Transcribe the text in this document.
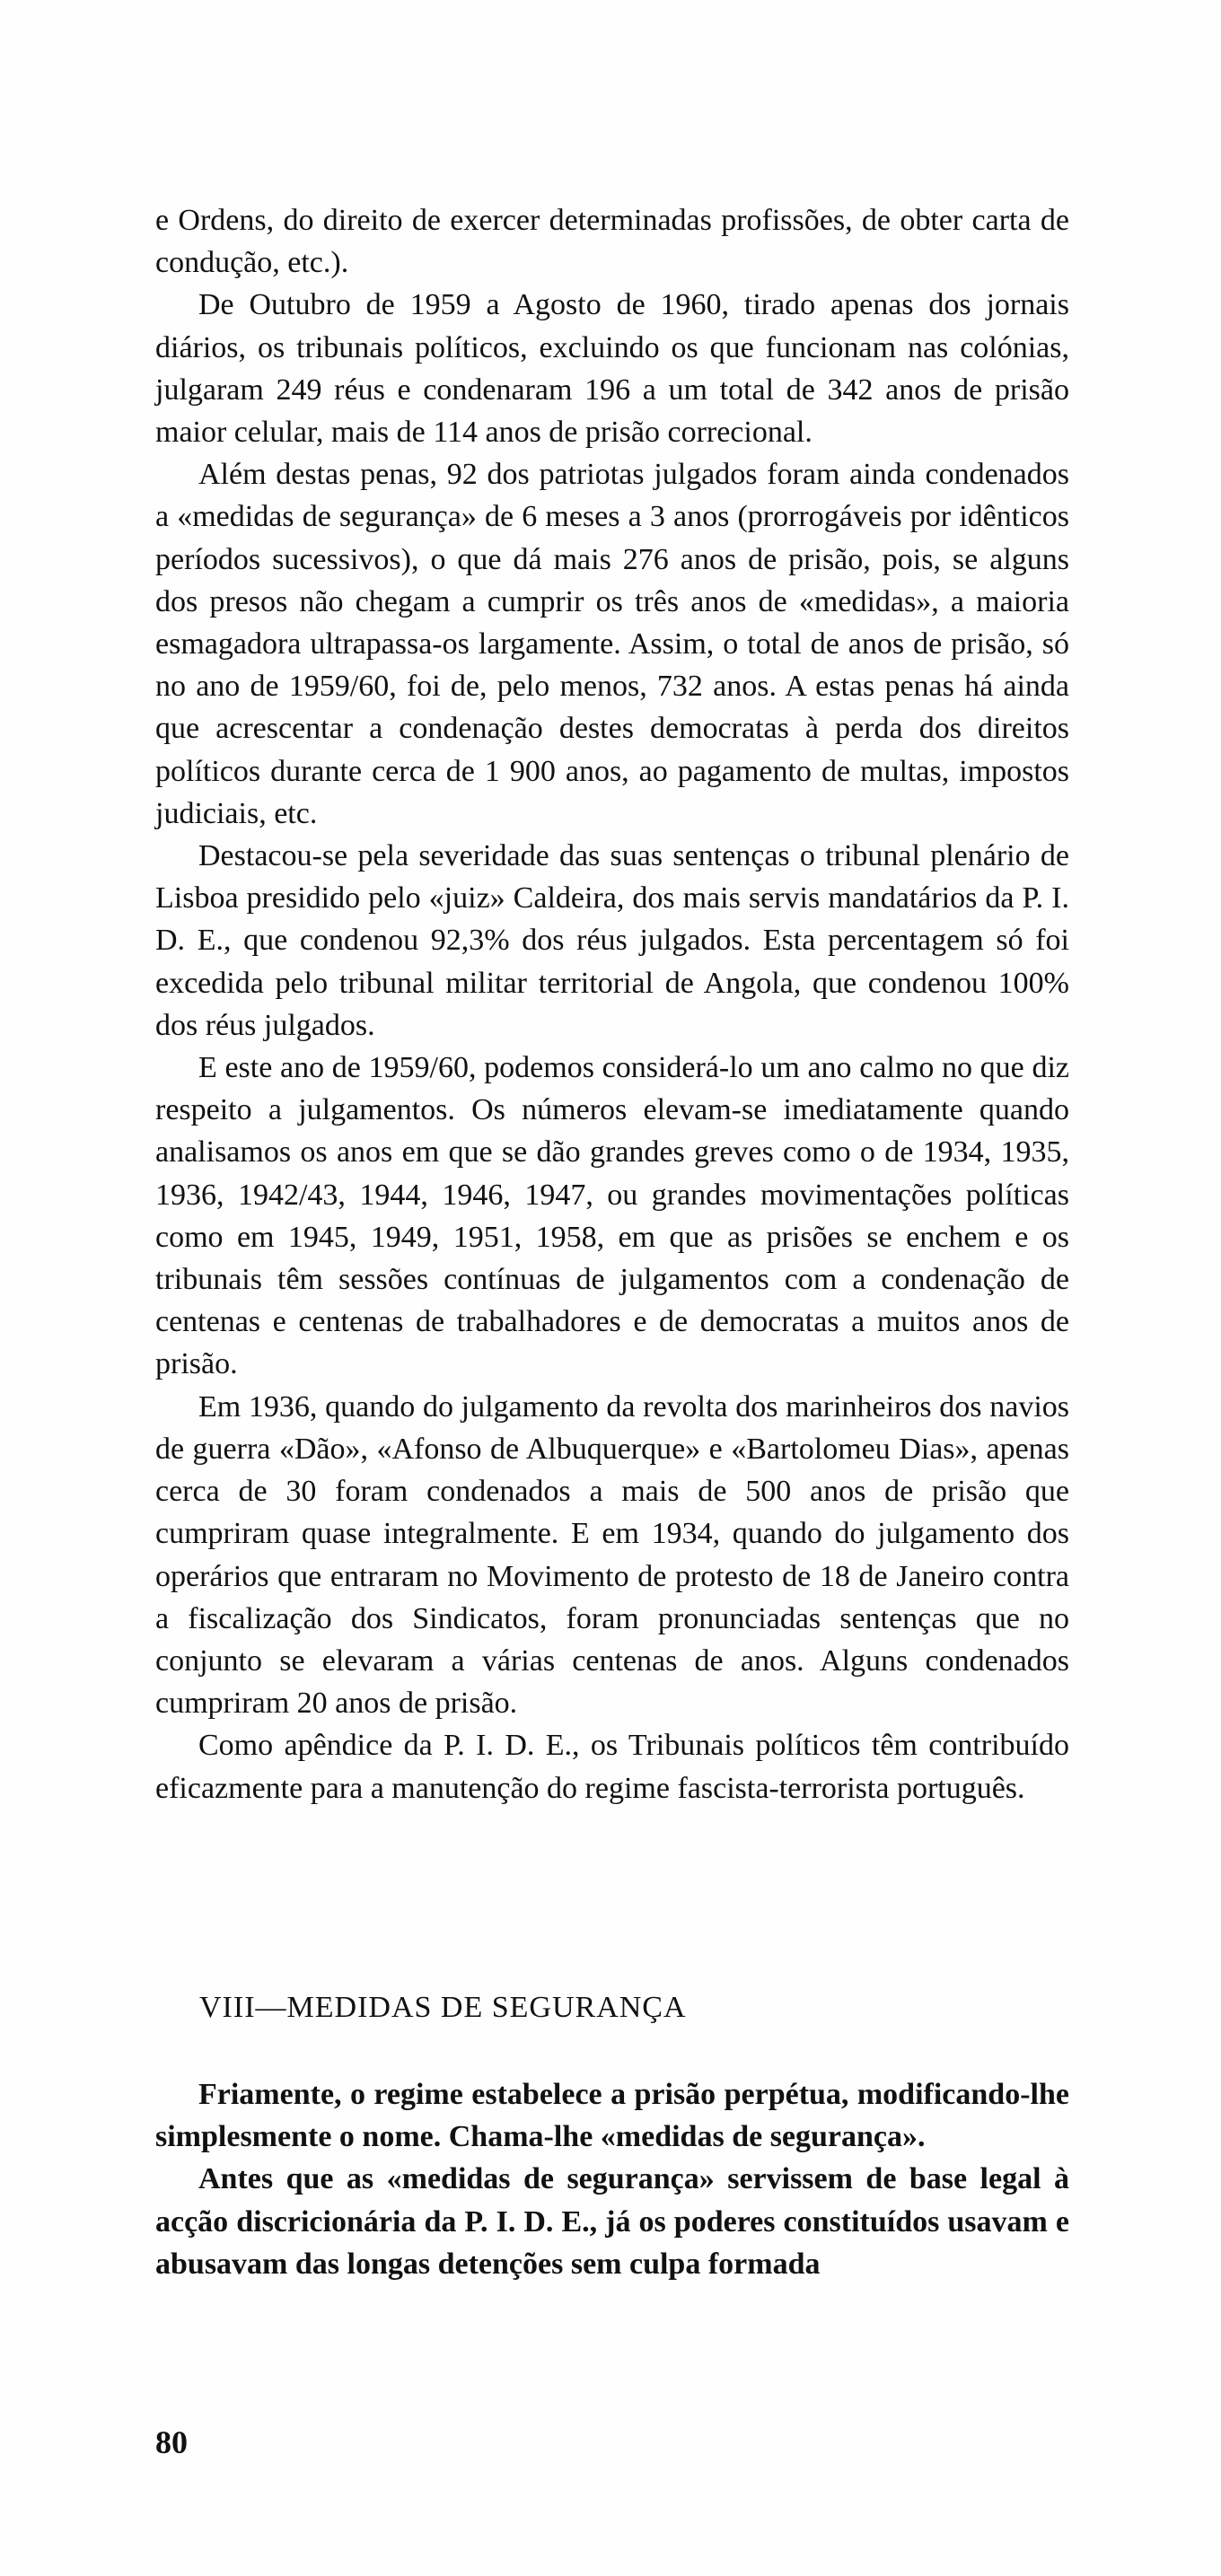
e Ordens, do direito de exercer determinadas profissões, de obter carta de condução, etc.).

De Outubro de 1959 a Agosto de 1960, tirado apenas dos jornais diários, os tribunais políticos, excluindo os que funcionam nas colónias, julgaram 249 réus e condenaram 196 a um total de 342 anos de prisão maior celular, mais de 114 anos de prisão correcional.

Além destas penas, 92 dos patriotas julgados foram ainda condenados a «medidas de segurança» de 6 meses a 3 anos (prorrogáveis por idênticos períodos sucessivos), o que dá mais 276 anos de prisão, pois, se alguns dos presos não chegam a cumprir os três anos de «medidas», a maioria esmagadora ultrapassa-os largamente. Assim, o total de anos de prisão, só no ano de 1959/60, foi de, pelo menos, 732 anos. A estas penas há ainda que acrescentar a condenação destes democratas à perda dos direitos políticos durante cerca de 1 900 anos, ao pagamento de multas, impostos judiciais, etc.

Destacou-se pela severidade das suas sentenças o tribunal plenário de Lisboa presidido pelo «juiz» Caldeira, dos mais servis mandatários da P. I. D. E., que condenou 92,3% dos réus julgados. Esta percentagem só foi excedida pelo tribunal militar territorial de Angola, que condenou 100% dos réus julgados.

E este ano de 1959/60, podemos considerá-lo um ano calmo no que diz respeito a julgamentos. Os números elevam-se imediatamente quando analisamos os anos em que se dão grandes greves como o de 1934, 1935, 1936, 1942/43, 1944, 1946, 1947, ou grandes movimentações políticas como em 1945, 1949, 1951, 1958, em que as prisões se enchem e os tribunais têm sessões contínuas de julgamentos com a condenação de centenas e centenas de trabalhadores e de democratas a muitos anos de prisão.

Em 1936, quando do julgamento da revolta dos marinheiros dos navios de guerra «Dão», «Afonso de Albuquerque» e «Bartolomeu Dias», apenas cerca de 30 foram condenados a mais de 500 anos de prisão que cumpriram quase integralmente. E em 1934, quando do julgamento dos operários que entraram no Movimento de protesto de 18 de Janeiro contra a fiscalização dos Sindicatos, foram pronunciadas sentenças que no conjunto se elevaram a várias centenas de anos. Alguns condenados cumpriram 20 anos de prisão.

Como apêndice da P. I. D. E., os Tribunais políticos têm contribuído eficazmente para a manutenção do regime fascista-terrorista português.

VIII—MEDIDAS DE SEGURANÇA

Friamente, o regime estabelece a prisão perpétua, modificando-lhe simplesmente o nome. Chama-lhe «medidas de segurança».

Antes que as «medidas de segurança» servissem de base legal à acção discricionária da P. I. D. E., já os poderes constituídos usavam e abusavam das longas detenções sem culpa formada

80
